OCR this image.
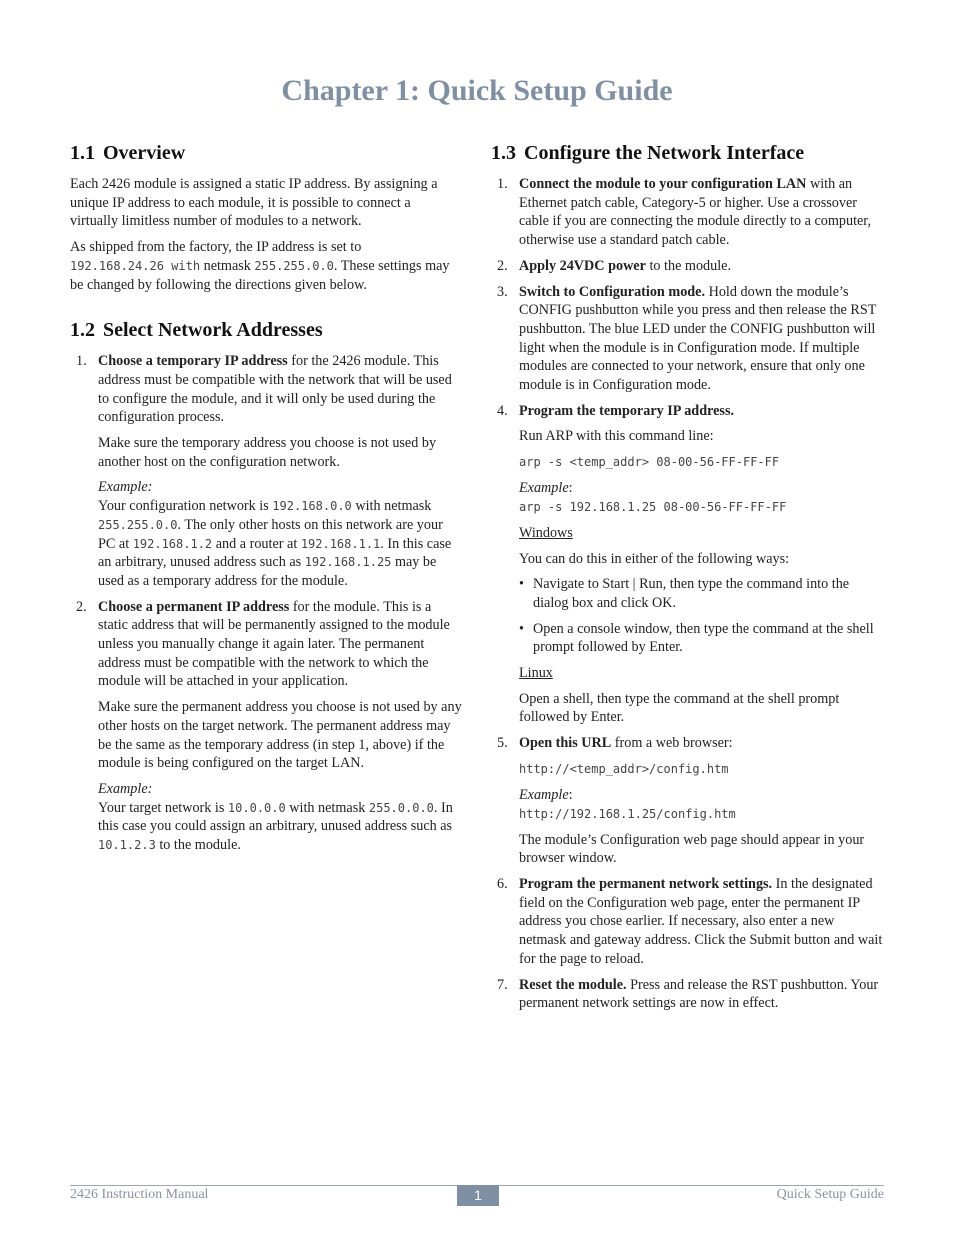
Chapter 1: Quick Setup Guide
1.1 Overview

Each 2426 module is assigned a static IP address. By assigning a unique IP address to each module, it is possible to connect a virtually limitless number of modules to a network.

As shipped from the factory, the IP address is set to
192.168.24.26 with netmask 255.255.0.0. These settings may be changed by following the directions given below.

1.2 Select Network Addresses
1. Choose a temporary IP address for the 2426 module. This address must be compatible with the network that will be used to configure the module, and it will only be used during the configuration process.

Make sure the temporary address you choose is not used by another host on the configuration network.

Example:
Your configuration network is 192.168.0.0 with netmask 255.255.0.0. The only other hosts on this network are your PC at 192.168.1.2 and a router at 192.168.1.1. In this case an arbitrary, unused address such as 192.168.1.25 may be used as a temporary address for the module.

2. Choose a permanent IP address for the module. This is a static address that will be permanently assigned to the module unless you manually change it again later. The permanent address must be compatible with the network to which the module will be attached in your application.

Make sure the permanent address you choose is not used by any other hosts on the target network. The permanent address may be the same as the temporary address (in step 1, above) if the module is being configured on the target LAN.

Example:
Your target network is 10.0.0.0 with netmask 255.0.0.0. In this case you could assign an arbitrary, unused address such as 10.1.2.3 to the module.

1.3 Configure the Network Interface
1. Connect the module to your configuration LAN with an Ethernet patch cable, Category-5 or higher. Use a crossover cable if you are connecting the module directly to a computer, otherwise use a standard patch cable.

2. Apply 24VDC power to the module.

3. Switch to Configuration mode. Hold down the module’s CONFIG pushbutton while you press and then release the RST pushbutton. The blue LED under the CONFIG pushbutton will light when the module is in Configuration mode. If multiple modules are connected to your network, ensure that only one module is in Configuration mode.

4. Program the temporary IP address.

Run ARP with this command line:

arp -s <temp_addr> 08-00-56-FF-FF-FF

Example:

arp -s 192.168.1.25 08-00-56-FF-FF-FF

Windows

You can do this in either of the following ways:

• Navigate to Start | Run, then type the command into the dialog box and click OK.

• Open a console window, then type the command at the shell prompt followed by Enter.

Linux

Open a shell, then type the command at the shell prompt followed by Enter.

5. Open this URL from a web browser:

http://<temp_addr>/config.htm

Example:

http://192.168.1.25/config.htm

The module’s Configuration web page should appear in your browser window.

6. Program the permanent network settings. In the designated field on the Configuration web page, enter the permanent IP address you chose earlier. If necessary, also enter a new netmask and gateway address. Click the Submit button and wait for the page to reload.

7. Reset the module. Press and release the RST pushbutton. Your permanent network settings are now in effect.

2426 Instruction Manual	1	Quick Setup Guide
